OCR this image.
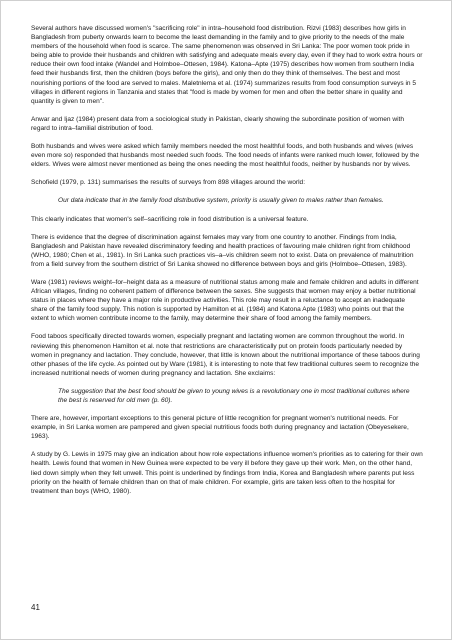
Several authors have discussed women's "sacrificing role" in intra–household food distribution. Rizvi (1983) describes how girls in Bangladesh from puberty onwards learn to become the least demanding in the family and to give priority to the needs of the male members of the household when food is scarce. The same phenomenon was observed in Sri Lanka: The poor women took pride in being able to provide their husbands and children with satisfying and adequate meals every day, even if they had to work extra hours or reduce their own food intake (Wandel and Holmboe–Ottesen, 1984). Katona–Apte (1975) describes how women from southern India feed their husbands first, then the children (boys before the girls), and only then do they think of themselves. The best and most nourishing portions of the food are served to males. Maletnlema et al. (1974) summarizes results from food consumption surveys in 5 villages in different regions in Tanzania and states that "food is made by women for men and often the better share in quality and quantity is given to men".

Anwar and Ijaz (1984) present data from a sociological study in Pakistan, clearly showing the subordinate position of women with regard to intra–familial distribution of food.

Both husbands and wives were asked which family members needed the most healthful foods, and both husbands and wives (wives even more so) responded that husbands most needed such foods. The food needs of infants were ranked much lower, followed by the elders. Wives were almost never mentioned as being the ones needing the most healthful foods, neither by husbands nor by wives.

Schofield (1979, p. 131) summarises the results of surveys from 898 villages around the world:

Our data indicate that in the family food distributive system, priority is usually given to males rather than females.

This clearly indicates that women's self–sacrificing role in food distribution is a universal feature.

There is evidence that the degree of discrimination against females may vary from one country to another. Findings from India, Bangladesh and Pakistan have revealed discriminatory feeding and health practices of favouring male children right from childhood (WHO, 1980; Chen et al., 1981). In Sri Lanka such practices vis–a–vis children seem not to exist. Data on prevalence of malnutrition from a field survey from the southern district of Sri Lanka showed no difference between boys and girls (Holmboe–Ottesen, 1983).

Ware (1981) reviews weight–for–height data as a measure of nutritional status among male and female children and adults in different African villages, finding no coherent pattern of difference between the sexes. She suggests that women may enjoy a better nutritional status in places where they have a major role in productive activities. This role may result in a reluctance to accept an inadequate share of the family food supply. This notion is supported by Hamilton et al. (1984) and Katona Apte (1983) who points out that the extent to which women contribute income to the family, may determine their share of food among the family members.

Food taboos specifically directed towards women, especially pregnant and lactating women are common throughout the world. In reviewing this phenomenon Hamilton et al. note that restrictions are characteristically put on protein foods particularly needed by women in pregnancy and lactation. They conclude, however, that little is known about the nutritional importance of these taboos during other phases of the life cycle. As pointed out by Ware (1981), it is interesting to note that few traditional cultures seem to recognize the increased nutritional needs of women during pregnancy and lactation. She exclaims:

The suggestion that the best food should be given to young wives is a revolutionary one in most traditional cultures where the best is reserved for old men (p. 60).

There are, however, important exceptions to this general picture of little recognition for pregnant women's nutritional needs. For example, in Sri Lanka women are pampered and given special nutritious foods both during pregnancy and lactation (Obeyesekere, 1963).

A study by G. Lewis in 1975 may give an indication about how role expectations influence women's priorities as to catering for their own health. Lewis found that women in New Guinea were expected to be very ill before they gave up their work. Men, on the other hand, lied down simply when they felt unwell. This point is underlined by findings from India, Korea and Bangladesh where parents put less priority on the health of female children than on that of male children. For example, girls are taken less often to the hospital for treatment than boys (WHO, 1980).

41
